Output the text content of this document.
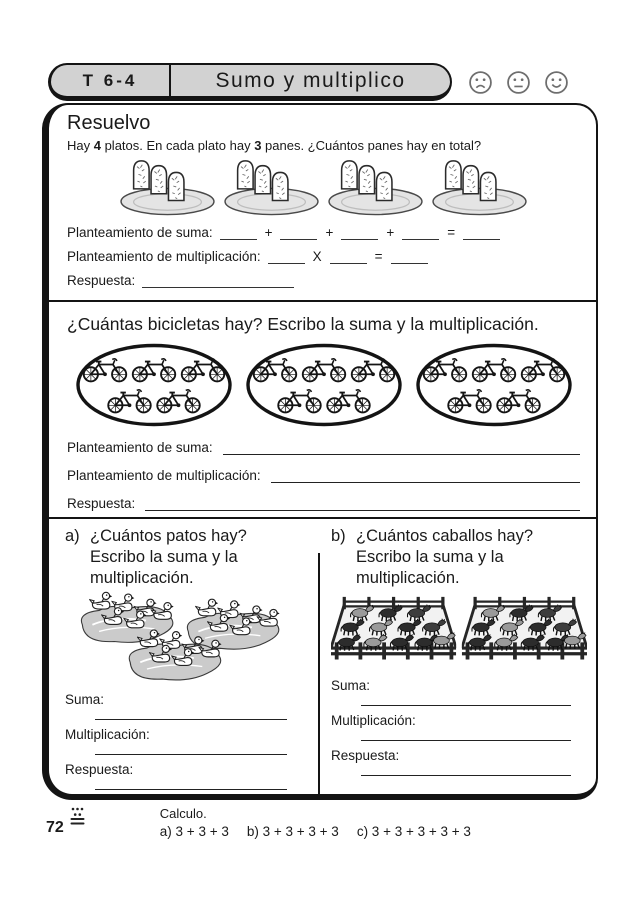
T 6-4	Sumo y multiplico
Resuelvo
Hay 4 platos. En cada plato hay 3 panes. ¿Cuántos panes hay en total?
Planteamiento de suma:	+	+	+	=
Planteamiento de multiplicación:	X	=
Respuesta:
¿Cuántas bicicletas hay? Escribo la suma y la multiplicación.
Planteamiento de suma:
Planteamiento de multiplicación:
Respuesta:
a) ¿Cuántos patos hay?
Escribo la suma y la
multiplicación.
Suma:
Multiplicación:
Respuesta:
b) ¿Cuántos caballos hay?
Escribo la suma y la
multiplicación.
Suma:
Multiplicación:
Respuesta:
72
Calculo.
a) 3 + 3 + 3 b) 3 + 3 + 3 + 3 c) 3 + 3 + 3 + 3 + 3
